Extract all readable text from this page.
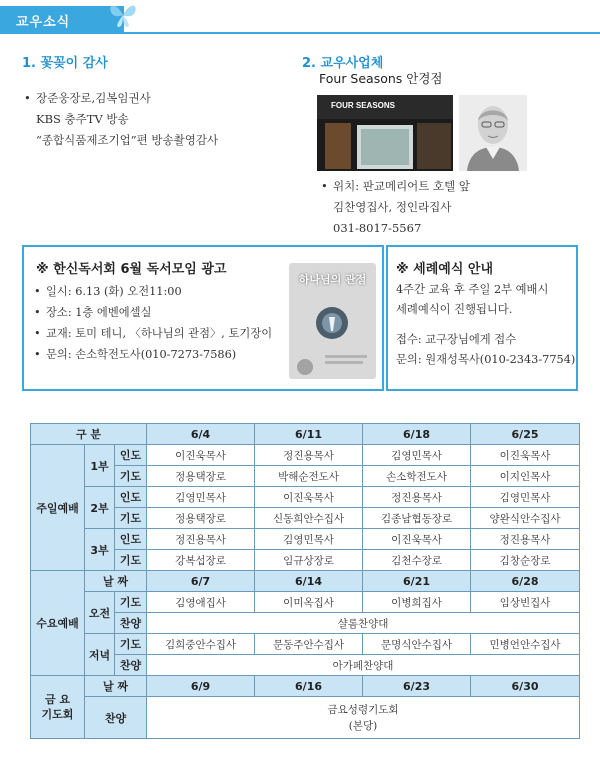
교우소식
1. 꽃꽂이 감사
• 장준웅장로,김복임권사
KBS 충주TV 방송
“종합식품제조기업”편 방송촬영감사
2. 교우사업체
Four Seasons 안경점
FOUR SEASONS
• 위치: 판교메리어트 호텔 앞
김찬영집사, 정인라집사
031-8017-5567
※ 한신독서회 6월 독서모임 광고
• 일시: 6.13 (화) 오전11:00
• 장소: 1층 에벤에셀실
• 교재: 토미 테니, 〈하나님의 관점〉, 토기장이
• 문의: 손소학전도사(010-7273-7586)
하나님의 관점
※ 세례예식 안내
4주간 교육 후 주일 2부 예배시
세례예식이 진행됩니다.
접수: 교구장님에게 접수
문의: 원재성목사(010-2343-7754)
구 분			6/4	6/11	6/18	6/25
주일예배	1부	인도	이진욱목사	정진용목사	김영민목사	이진욱목사
		기도	정용택장로	박해순전도사	손소학전도사	이지인목사
	2부	인도	김영민목사	이진욱목사	정진용목사	김영민목사
		기도	정용택장로	신동희안수집사	김종남협동장로	양완식안수집사
	3부	인도	정진용목사	김영민목사	이진욱목사	정진용목사
		기도	강복섭장로	임규상장로	김천수장로	김창순장로
수요예배	날 짜		6/7	6/14	6/21	6/28
	오전	기도	김영애집사	이미옥집사	이병희집사	임상빈집사
		찬양	샬롬찬양대			
	저녁	기도	김희중안수집사	문동주안수집사	문명식안수집사	민병언안수집사
		찬양	아가페찬양대			

금 요
기도회	날 짜		6/9	6/16	6/23	6/30
	찬양		금요성령기도회
(본당)			
